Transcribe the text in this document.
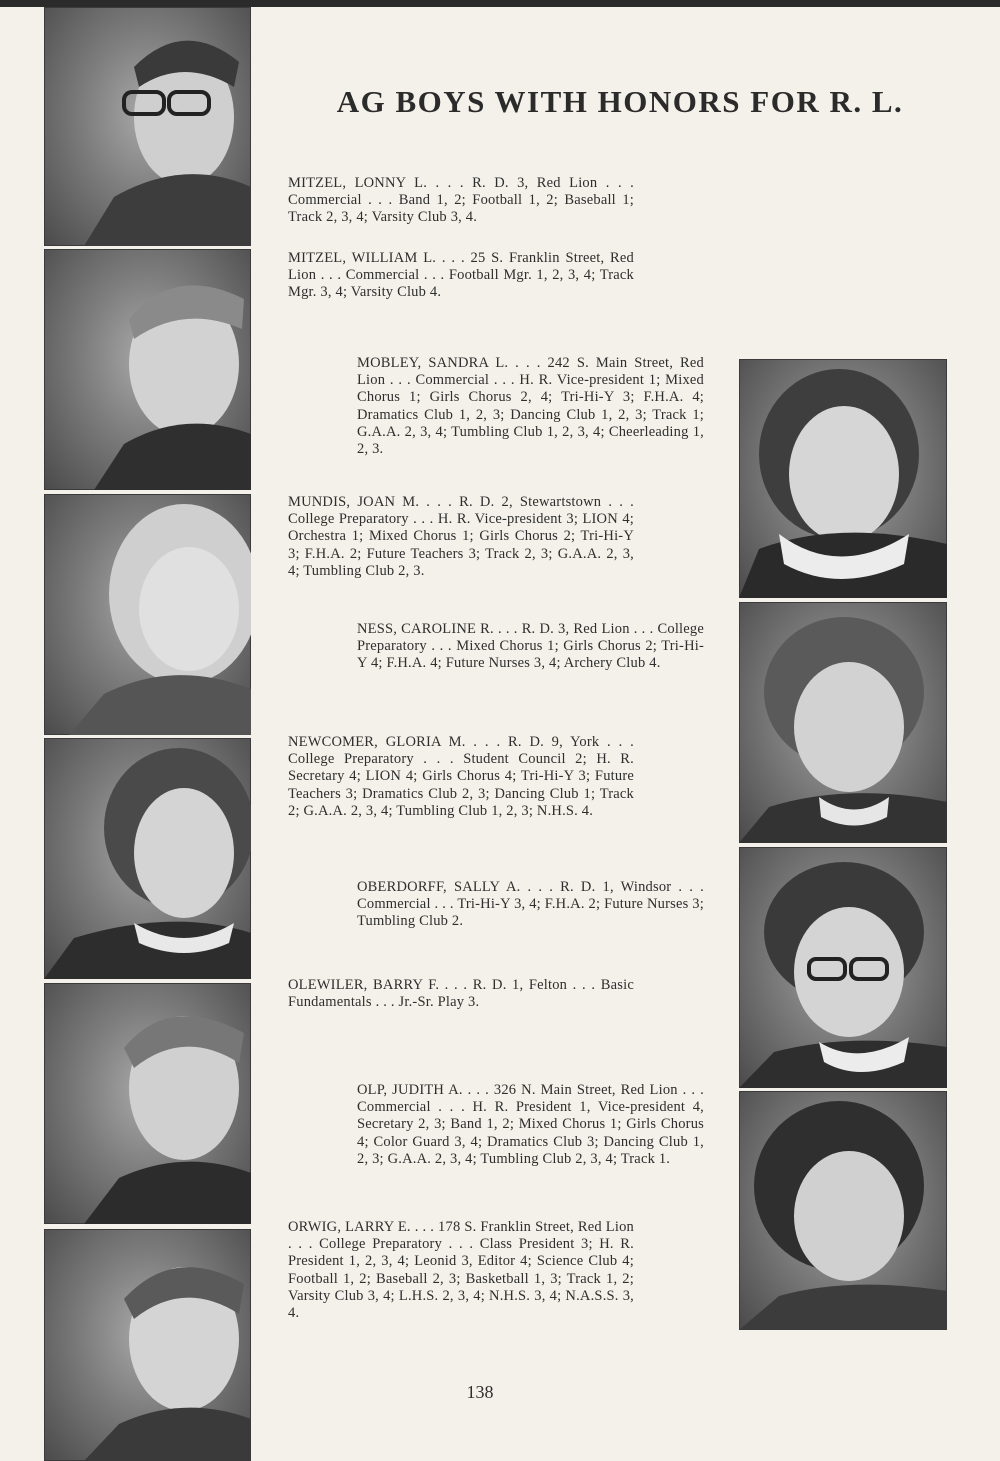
AG BOYS WITH HONORS FOR R. L.
MITZEL, LONNY L. . . . R. D. 3, Red Lion . . . Commercial . . . Band 1, 2; Football 1, 2; Baseball 1; Track 2, 3, 4; Varsity Club 3, 4.
MITZEL, WILLIAM L. . . . 25 S. Franklin Street, Red Lion . . . Commercial . . . Football Mgr. 1, 2, 3, 4; Track Mgr. 3, 4; Varsity Club 4.
MOBLEY, SANDRA L. . . . 242 S. Main Street, Red Lion . . . Commercial . . . H. R. Vice-president 1; Mixed Chorus 1; Girls Chorus 2, 4; Tri-Hi-Y 3; F.H.A. 4; Dramatics Club 1, 2, 3; Dancing Club 1, 2, 3; Track 1; G.A.A. 2, 3, 4; Tumbling Club 1, 2, 3, 4; Cheerleading 1, 2, 3.
MUNDIS, JOAN M. . . . R. D. 2, Stewartstown . . . College Preparatory . . . H. R. Vice-president 3; LION 4; Orchestra 1; Mixed Chorus 1; Girls Chorus 2; Tri-Hi-Y 3; F.H.A. 2; Future Teachers 3; Track 2, 3; G.A.A. 2, 3, 4; Tumbling Club 2, 3.
NESS, CAROLINE R. . . . R. D. 3, Red Lion . . . College Preparatory . . . Mixed Chorus 1; Girls Chorus 2; Tri-Hi-Y 4; F.H.A. 4; Future Nurses 3, 4; Archery Club 4.
NEWCOMER, GLORIA M. . . . R. D. 9, York . . . College Preparatory . . . Student Council 2; H. R. Secretary 4; LION 4; Girls Chorus 4; Tri-Hi-Y 3; Future Teachers 3; Dramatics Club 2, 3; Dancing Club 1; Track 2; G.A.A. 2, 3, 4; Tumbling Club 1, 2, 3; N.H.S. 4.
OBERDORFF, SALLY A. . . . R. D. 1, Windsor . . . Commercial . . . Tri-Hi-Y 3, 4; F.H.A. 2; Future Nurses 3; Tumbling Club 2.
OLEWILER, BARRY F. . . . R. D. 1, Felton . . . Basic Fundamentals . . . Jr.-Sr. Play 3.
OLP, JUDITH A. . . . 326 N. Main Street, Red Lion . . . Commercial . . . H. R. President 1, Vice-president 4, Secretary 2, 3; Band 1, 2; Mixed Chorus 1; Girls Chorus 4; Color Guard 3, 4; Dramatics Club 3; Dancing Club 1, 2, 3; G.A.A. 2, 3, 4; Tumbling Club 2, 3, 4; Track 1.
ORWIG, LARRY E. . . . 178 S. Franklin Street, Red Lion . . . College Preparatory . . . Class President 3; H. R. President 1, 2, 3, 4; Leonid 3, Editor 4; Science Club 4; Football 1, 2; Baseball 2, 3; Basketball 1, 3; Track 1, 2; Varsity Club 3, 4; L.H.S. 2, 3, 4; N.H.S. 3, 4; N.A.S.S. 3, 4.
138
